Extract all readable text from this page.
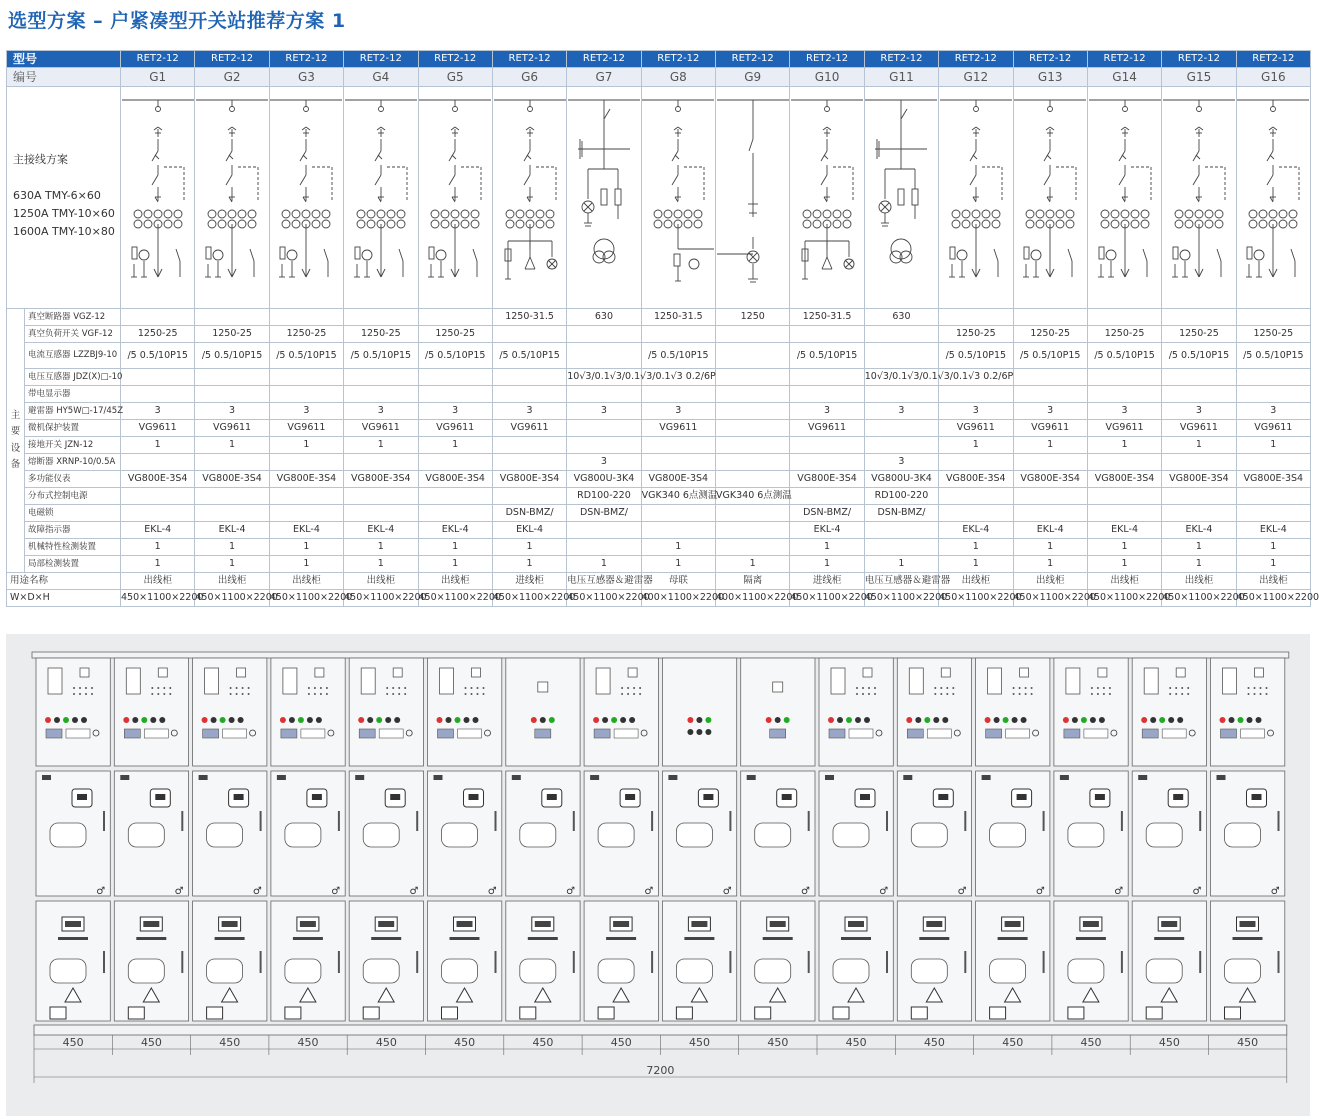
选型方案 – 户紧凑型开关站推荐方案 1
型号		RET2-12	RET2-12	RET2-12	RET2-12	RET2-12	RET2-12	RET2-12	RET2-12	RET2-12	RET2-12	RET2-12	RET2-12	RET2-12	RET2-12	RET2-12	RET2-12
编号		G1	G2	G3	G4	G5	G6	G7	G8	G9	G10	G11	G12	G13	G14	G15	G16

主接线方案
630A TMY-6×60
1250A TMY-10×60
1600A TMY-10×80

主要设备	真空断路器 VGZ-12						1250-31.5	630	1250-31.5	1250	1250-31.5	630					
	真空负荷开关 VGF-12	1250-25	1250-25	1250-25	1250-25	1250-25							1250-25	1250-25	1250-25	1250-25	1250-25
	电流互感器 LZZBJ9-10	/5 0.5/10P15	/5 0.5/10P15	/5 0.5/10P15	/5 0.5/10P15	/5 0.5/10P15	/5 0.5/10P15		/5 0.5/10P15		/5 0.5/10P15		/5 0.5/10P15	/5 0.5/10P15	/5 0.5/10P15	/5 0.5/10P15	/5 0.5/10P15
	电压互感器 JDZ(X)□-10							10√3/0.1√3/0.1√3/0.1√3 0.2/6P				10√3/0.1√3/0.1√3/0.1√3 0.2/6P					
	带电显示器																
	避雷器 HY5W□-17/45Z	3	3	3	3	3	3	3	3		3	3	3	3	3	3	3
	微机保护装置	VG9611	VG9611	VG9611	VG9611	VG9611	VG9611		VG9611		VG9611		VG9611	VG9611	VG9611	VG9611	VG9611
	接地开关 JZN-12	1	1	1	1	1							1	1	1	1	1
	熔断器 XRNP-10/0.5A							3				3					
	多功能仪表	VG800E-3S4	VG800E-3S4	VG800E-3S4	VG800E-3S4	VG800E-3S4	VG800E-3S4	VG800U-3K4	VG800E-3S4		VG800E-3S4	VG800U-3K4	VG800E-3S4	VG800E-3S4	VG800E-3S4	VG800E-3S4	VG800E-3S4
	分布式控制电源							RD100-220	VGK340 6点测温	VGK340 6点测温		RD100-220					
	电磁锁						DSN-BMZ/	DSN-BMZ/			DSN-BMZ/	DSN-BMZ/					
	故障指示器	EKL-4	EKL-4	EKL-4	EKL-4	EKL-4	EKL-4				EKL-4		EKL-4	EKL-4	EKL-4	EKL-4	EKL-4
	机械特性检测装置	1	1	1	1	1	1		1		1		1	1	1	1	1
	局部检测装置	1	1	1	1	1	1	1	1	1	1	1	1	1	1	1	1
用途名称		出线柜	出线柜	出线柜	出线柜	出线柜	进线柜	电压互感器＆避雷器	母联	隔离	进线柜	电压互感器＆避雷器	出线柜	出线柜	出线柜	出线柜	出线柜
W×D×H		450×1100×2200	450×1100×2200	450×1100×2200	450×1100×2200	450×1100×2200	450×1100×2200	450×1100×2200	400×1100×2200	400×1100×2200	450×1100×2200	450×1100×2200	450×1100×2200	450×1100×2200	450×1100×2200	450×1100×2200	450×1100×2200
♂	♂	♂	♂	♂	♂	♂	♂	♂	♂	♂	♂	♂	♂	♂	♂
450	450	450	450	450	450	450	450	450	450	450	450	450	450	450	450
7200
